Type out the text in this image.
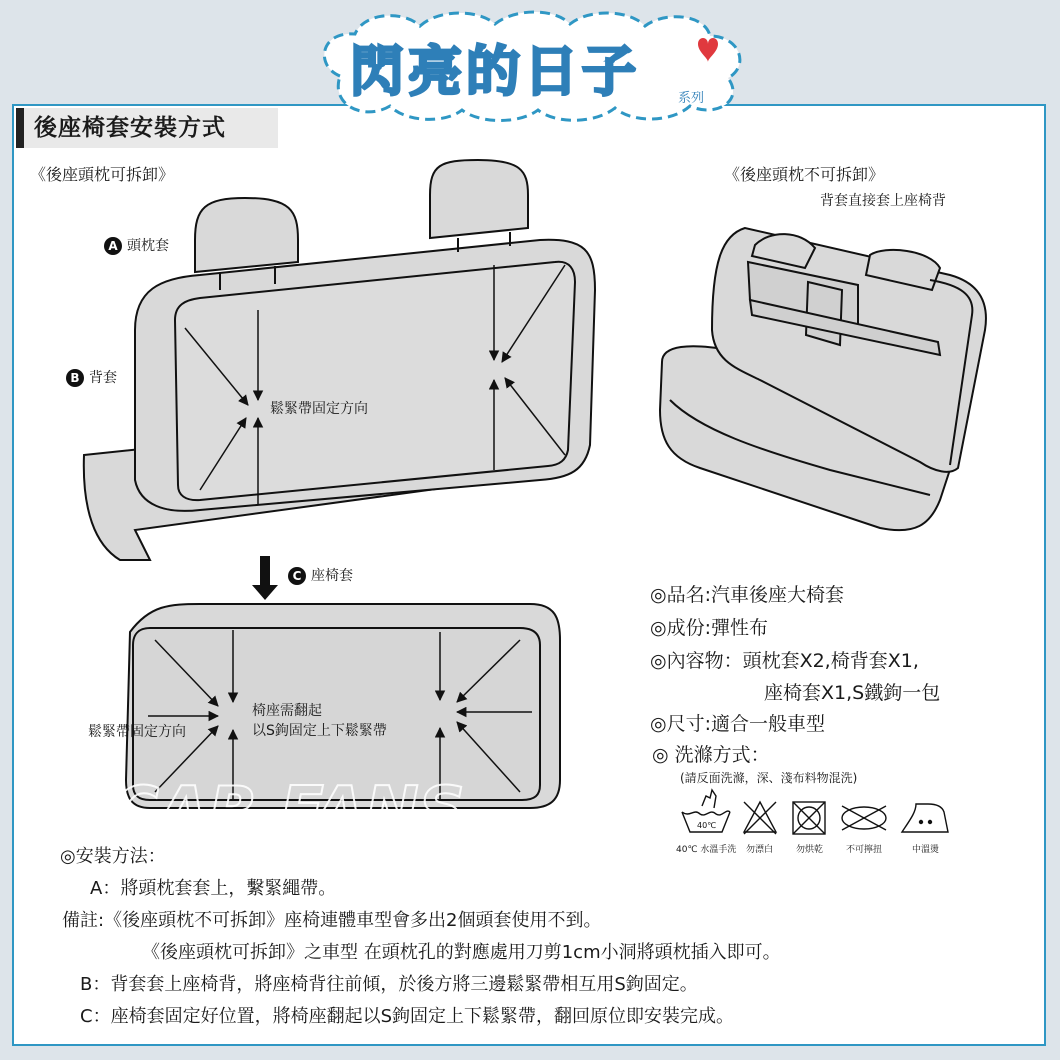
閃亮的日子	系列
後座椅套安裝方式
《後座頭枕可拆卸》	《後座頭枕不可拆卸》
背套直接套上座椅背
CAR FANS	40℃
A 頭枕套
B 背套
C 座椅套
鬆緊帶固定方向
鬆緊帶固定方向
椅座需翻起
以S鉤固定上下鬆緊帶
◎品名:汽車後座大椅套
◎成份:彈性布
◎內容物：頭枕套X2,椅背套X1,
座椅套X1,S鐵鉤一包
◎尺寸:適合一般車型
◎ 洗滌方式：
(請反面洗滌，深、淺布料物混洗)
40℃ 水溫手洗 勿漂白	勿烘乾	不可擰扭	中溫燙
◎安裝方法：
A：將頭枕套套上，繫緊繩帶。
備註:《後座頭枕不可拆卸》座椅連體車型會多出2個頭套使用不到。
《後座頭枕可拆卸》之車型 在頭枕孔的對應處用刀剪1cm小洞將頭枕插入即可。
B：背套套上座椅背，將座椅背往前傾，於後方將三邊鬆緊帶相互用S鉤固定。
C：座椅套固定好位置，將椅座翻起以S鉤固定上下鬆緊帶，翻回原位即安裝完成。
